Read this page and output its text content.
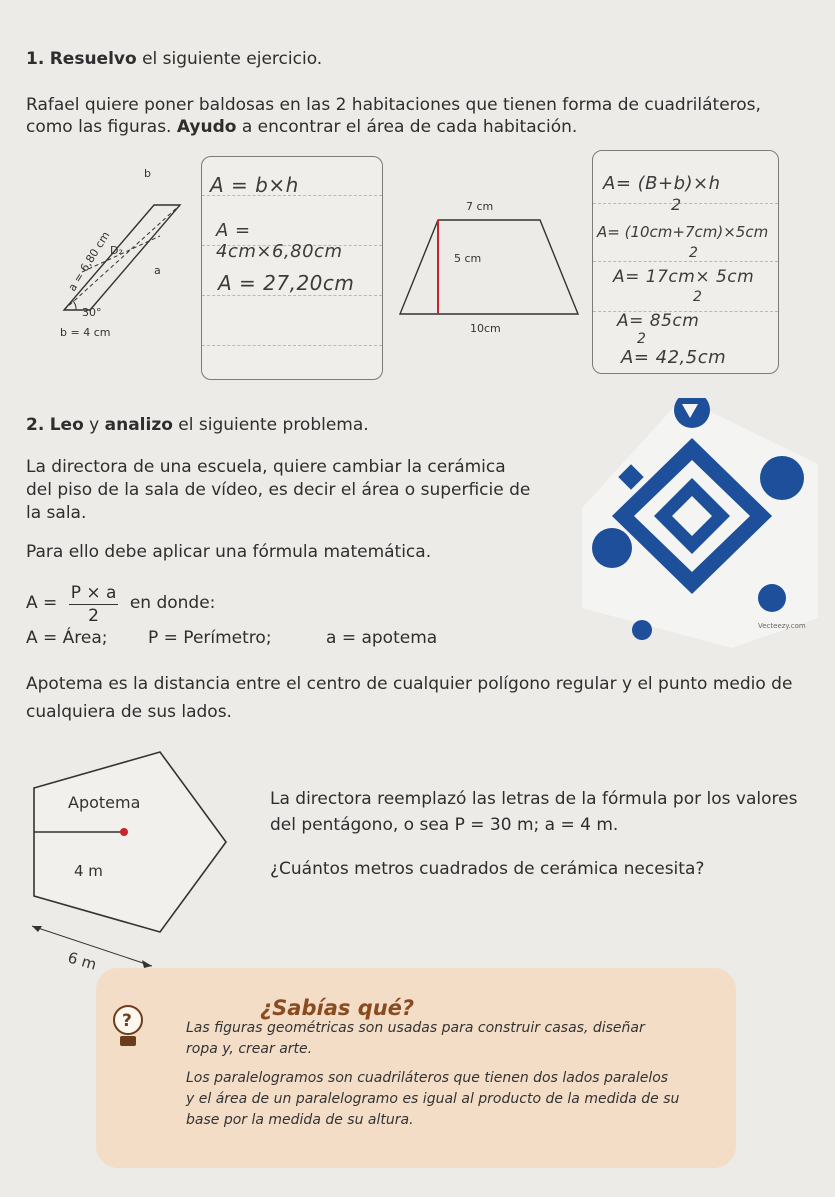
1. Resuelvo el siguiente ejercicio.
Rafael quiere poner baldosas en las 2 habitaciones que tienen forma de cuadriláteros,
como las figuras. Ayudo a encontrar el área de cada habitación.
b
a = 6,80 cm
D₂
a
30°
b = 4 cm
A = b×h
A = 4cm×6,80cm
A = 27,20cm
7 cm
5 cm
10cm
A= (B+b)×h
2
A= (10cm+7cm)×5cm
2
A= 17cm× 5cm
2
A= 85cm
2
A= 42,5cm
2. Leo y analizo el siguiente problema.
La directora de una escuela, quiere cambiar la cerámica
del piso de la sala de vídeo, es decir el área o superficie de
la sala.
Para ello debe aplicar una fórmula matemática.
$A = \frac{P \times a}{2}$ en donde:
A = Área; P = Perímetro;	a = apotema
Vecteezy.com
Apotema es la distancia entre el centro de cualquier polígono regular y el punto medio de
cualquiera de sus lados.
Apotema
4 m
6 m
La directora reemplazó las letras de la fórmula por los valores
del pentágono, o sea P = 30 m; a = 4 m.
¿Cuántos metros cuadrados de cerámica necesita?
?
¿Sabías qué?
Las figuras geométricas son usadas para construir casas, diseñar
ropa y, crear arte.
Los paralelogramos son cuadriláteros que tienen dos lados paralelos
y el área de un paralelogramo es igual al producto de la medida de su
base por la medida de su altura.
